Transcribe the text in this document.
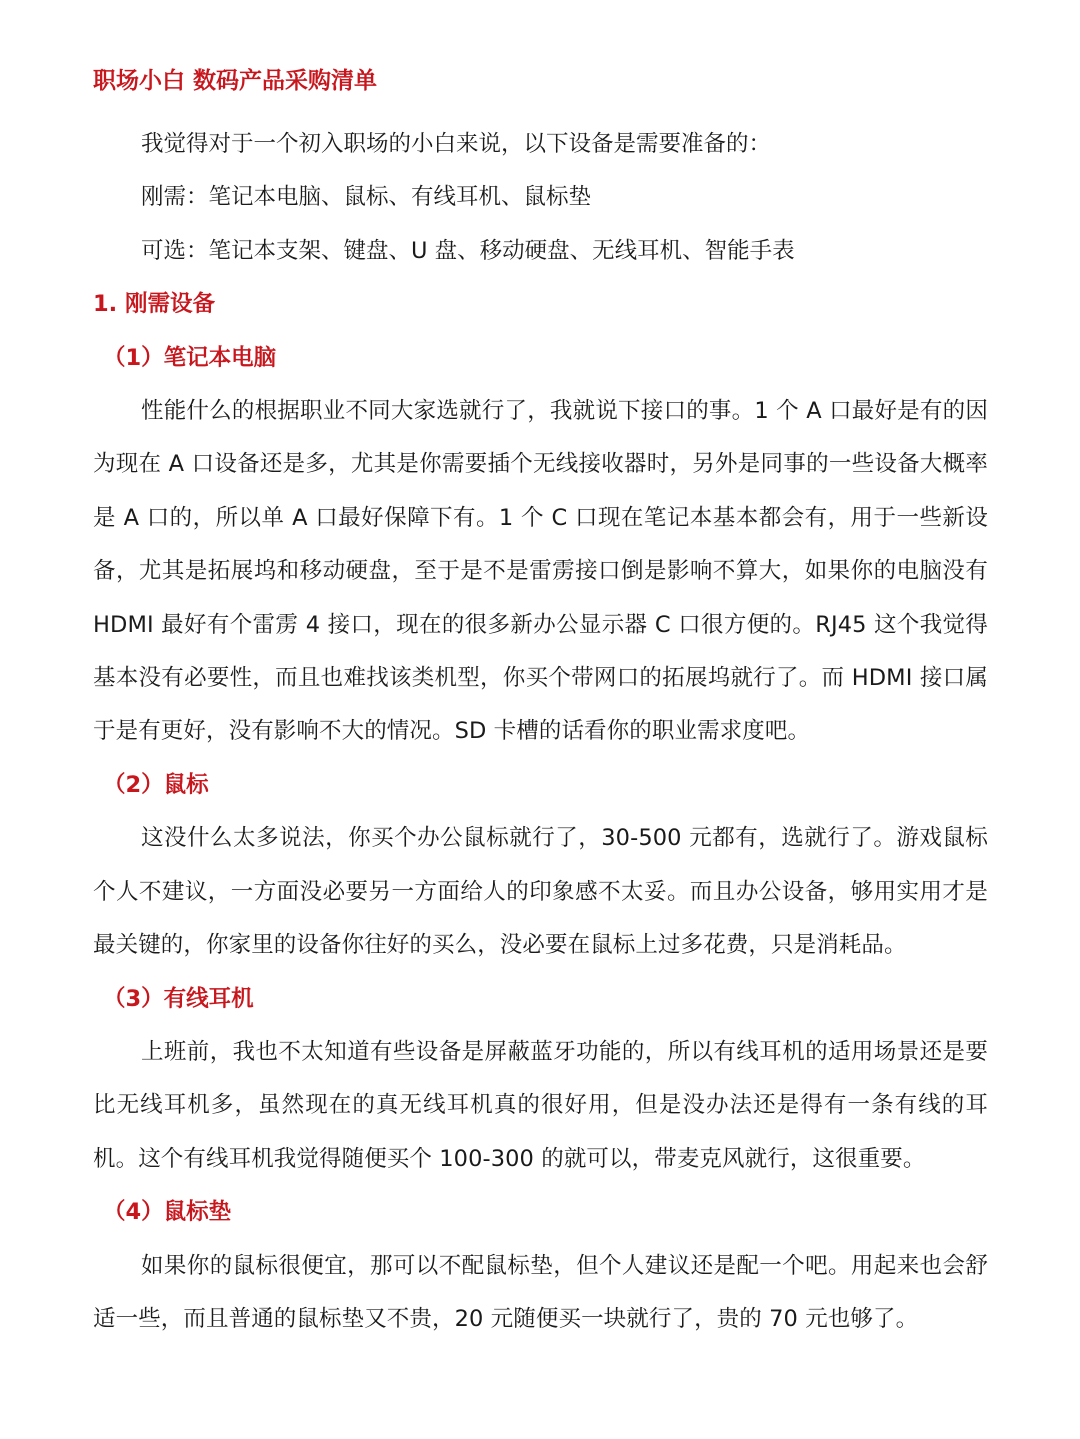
职场小白 数码产品采购清单

我觉得对于一个初入职场的小白来说，以下设备是需要准备的：

刚需：笔记本电脑、鼠标、有线耳机、鼠标垫

可选：笔记本支架、键盘、U 盘、移动硬盘、无线耳机、智能手表

1. 刚需设备
（1）笔记本电脑

性能什么的根据职业不同大家选就行了，我就说下接口的事。1 个 A 口最好是有的因为现在 A 口设备还是多，尤其是你需要插个无线接收器时，另外是同事的一些设备大概率是 A 口的，所以单 A 口最好保障下有。1 个 C 口现在笔记本基本都会有，用于一些新设备，尤其是拓展坞和移动硬盘，至于是不是雷雳接口倒是影响不算大，如果你的电脑没有 HDMI 最好有个雷雳 4 接口，现在的很多新办公显示器 C 口很方便的。RJ45 这个我觉得基本没有必要性，而且也难找该类机型，你买个带网口的拓展坞就行了。而 HDMI 接口属于是有更好，没有影响不大的情况。SD 卡槽的话看你的职业需求度吧。

（2）鼠标

这没什么太多说法，你买个办公鼠标就行了，30-500 元都有，选就行了。游戏鼠标个人不建议，一方面没必要另一方面给人的印象感不太妥。而且办公设备，够用实用才是最关键的，你家里的设备你往好的买么，没必要在鼠标上过多花费，只是消耗品。

（3）有线耳机

上班前，我也不太知道有些设备是屏蔽蓝牙功能的，所以有线耳机的适用场景还是要比无线耳机多，虽然现在的真无线耳机真的很好用，但是没办法还是得有一条有线的耳机。这个有线耳机我觉得随便买个 100-300 的就可以，带麦克风就行，这很重要。

（4）鼠标垫

如果你的鼠标很便宜，那可以不配鼠标垫，但个人建议还是配一个吧。用起来也会舒适一些，而且普通的鼠标垫又不贵，20 元随便买一块就行了，贵的 70 元也够了。
